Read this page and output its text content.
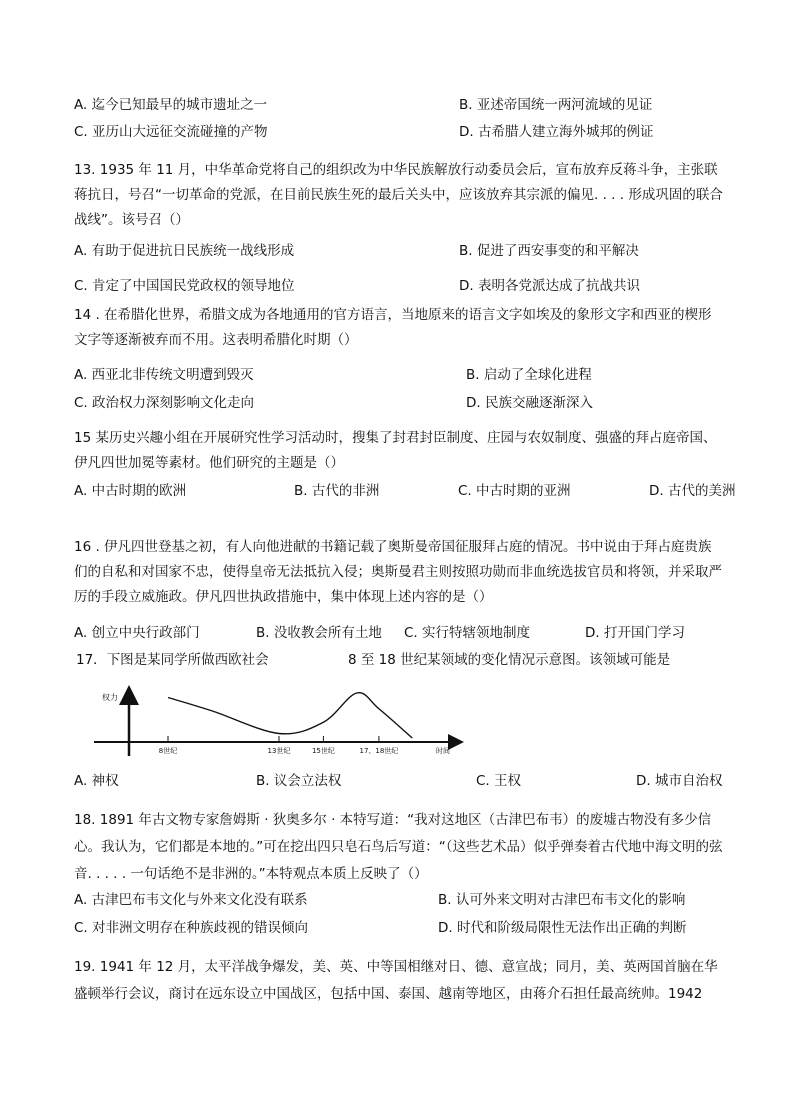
A. 迄今已知最早的城市遗址之一	B. 亚述帝国统一两河流域的见证
C. 亚历山大远征交流碰撞的产物	D. 古希腊人建立海外城邦的例证
13. 1935 年 11 月，中华革命党将自己的组织改为中华民族解放行动委员会后，宣布放弃反蒋斗争，主张联蒋抗日，号召“一切革命的党派，在目前民族生死的最后关头中，应该放弃其宗派的偏见. . . . 形成巩固的联合战线”。该号召（）
A. 有助于促进抗日民族统一战线形成	B. 促进了西安事变的和平解决
C. 肯定了中国国民党政权的领导地位	D. 表明各党派达成了抗战共识
14 . 在希腊化世界，希腊文成为各地通用的官方语言，当地原来的语言文字如埃及的象形文字和西亚的楔形文字等逐渐被弃而不用。这表明希腊化时期（）
A. 西亚北非传统文明遭到毁灭	B. 启动了全球化进程
C. 政治权力深刻影响文化走向	D. 民族交融逐渐深入
15 某历史兴趣小组在开展研究性学习活动时，搜集了封君封臣制度、庄园与农奴制度、强盛的拜占庭帝国、伊凡四世加冕等素材。他们研究的主题是（）
A. 中古时期的欧洲	B. 古代的非洲	C. 中古时期的亚洲	D. 古代的美洲
16 . 伊凡四世登基之初，有人向他进献的书籍记载了奥斯曼帝国征服拜占庭的情况。书中说由于拜占庭贵族们的自私和对国家不忠，使得皇帝无法抵抗入侵；奥斯曼君主则按照功勋而非血统选拔官员和将领，并采取严厉的手段立威施政。伊凡四世执政措施中，集中体现上述内容的是（）
A. 创立中央行政部门	B. 没收教会所有土地 C. 实行特辖领地制度	D. 打开国门学习
17．下图是某同学所做西欧社会	8 至 18 世纪某领域的变化情况示意图。该领域可能是
权力
时间
8世纪	13世纪	15世纪	17、18世纪
A. 神权	B. 议会立法权	C. 王权	D. 城市自治权
18. 1891 年古文物专家詹姆斯 · 狄奥多尔 · 本特写道：“我对这地区（古津巴布韦）的废墟古物没有多少信心。我认为，它们都是本地的。”可在挖出四只皂石鸟后写道：“（这些艺术品）似乎弹奏着古代地中海文明的弦音. . . . . 一句话绝不是非洲的。”本特观点本质上反映了（）
A. 古津巴布韦文化与外来文化没有联系	B. 认可外来文明对古津巴布韦文化的影响
C. 对非洲文明存在种族歧视的错误倾向	D. 时代和阶级局限性无法作出正确的判断
19. 1941 年 12 月，太平洋战争爆发，美、英、中等国相继对日、德、意宣战；同月，美、英两国首脑在华盛顿举行会议，商讨在远东设立中国战区，包括中国、泰国、越南等地区，由蒋介石担任最高统帅。1942
